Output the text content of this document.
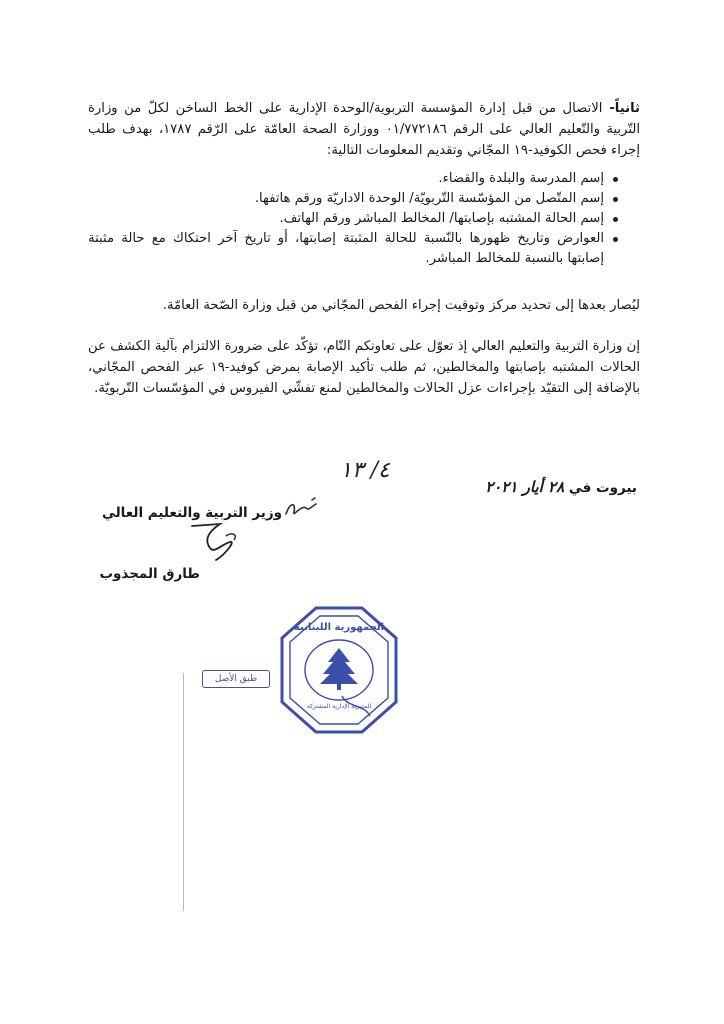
ثانياً- الاتصال من قبل إدارة المؤسسة التربوية/الوحدة الإدارية على الخط الساخن لكلّ من وزارة التّربية والتّعليم العالي على الرقم ٠١/٧٧٢١٨٦ ووزارة الصحة العامّة على الرّقم ١٧٨٧، بهدف طلب إجراء فحص الكوفيد-١٩ المجّاني وتقديم المعلومات التالية:

إسم المدرسة والبلدة والقضاء.
إسم المتّصل من المؤسّسة التّربويّة/ الوحدة الاداريّة ورقم هاتفها.
إسم الحالة المشتبه بإصابتها/ المخالط المباشر ورقم الهاتف.
العوارض وتاريخ ظهورها بالنّسبة للحالة المثبتة إصابتها، أو تاريخ آخر احتكاك مع حالة مثبتة إصابتها بالنسبة للمخالط المباشر.

ليُصار بعدها إلى تحديد مركز وتوقيت إجراء الفحص المجّاني من قبل وزارة الصّحة العامّة.

إن وزارة التربية والتعليم العالي إذ تعوّل على تعاونكم التّام، تؤكّد على ضرورة الالتزام بآلية الكشف عن الحالات المشتبه بإصابتها والمخالطين، ثم طلب تأكيد الإصابة بمرض كوفيد-١٩ عبر الفحص المجّاني، بالإضافة إلى التقيّد بإجراءات عزل الحالات والمخالطين لمنع تفشّي الفيروس في المؤسّسات التّربويّة.

بيروت في ٢٨ أيار ٢٠٢١
٤/ ١٣
وزير التربية والتعليم العالي
طارق المجذوب
طبق الأصل
الجمهورية اللبنانية
المديرية الإدارية المشتركة
